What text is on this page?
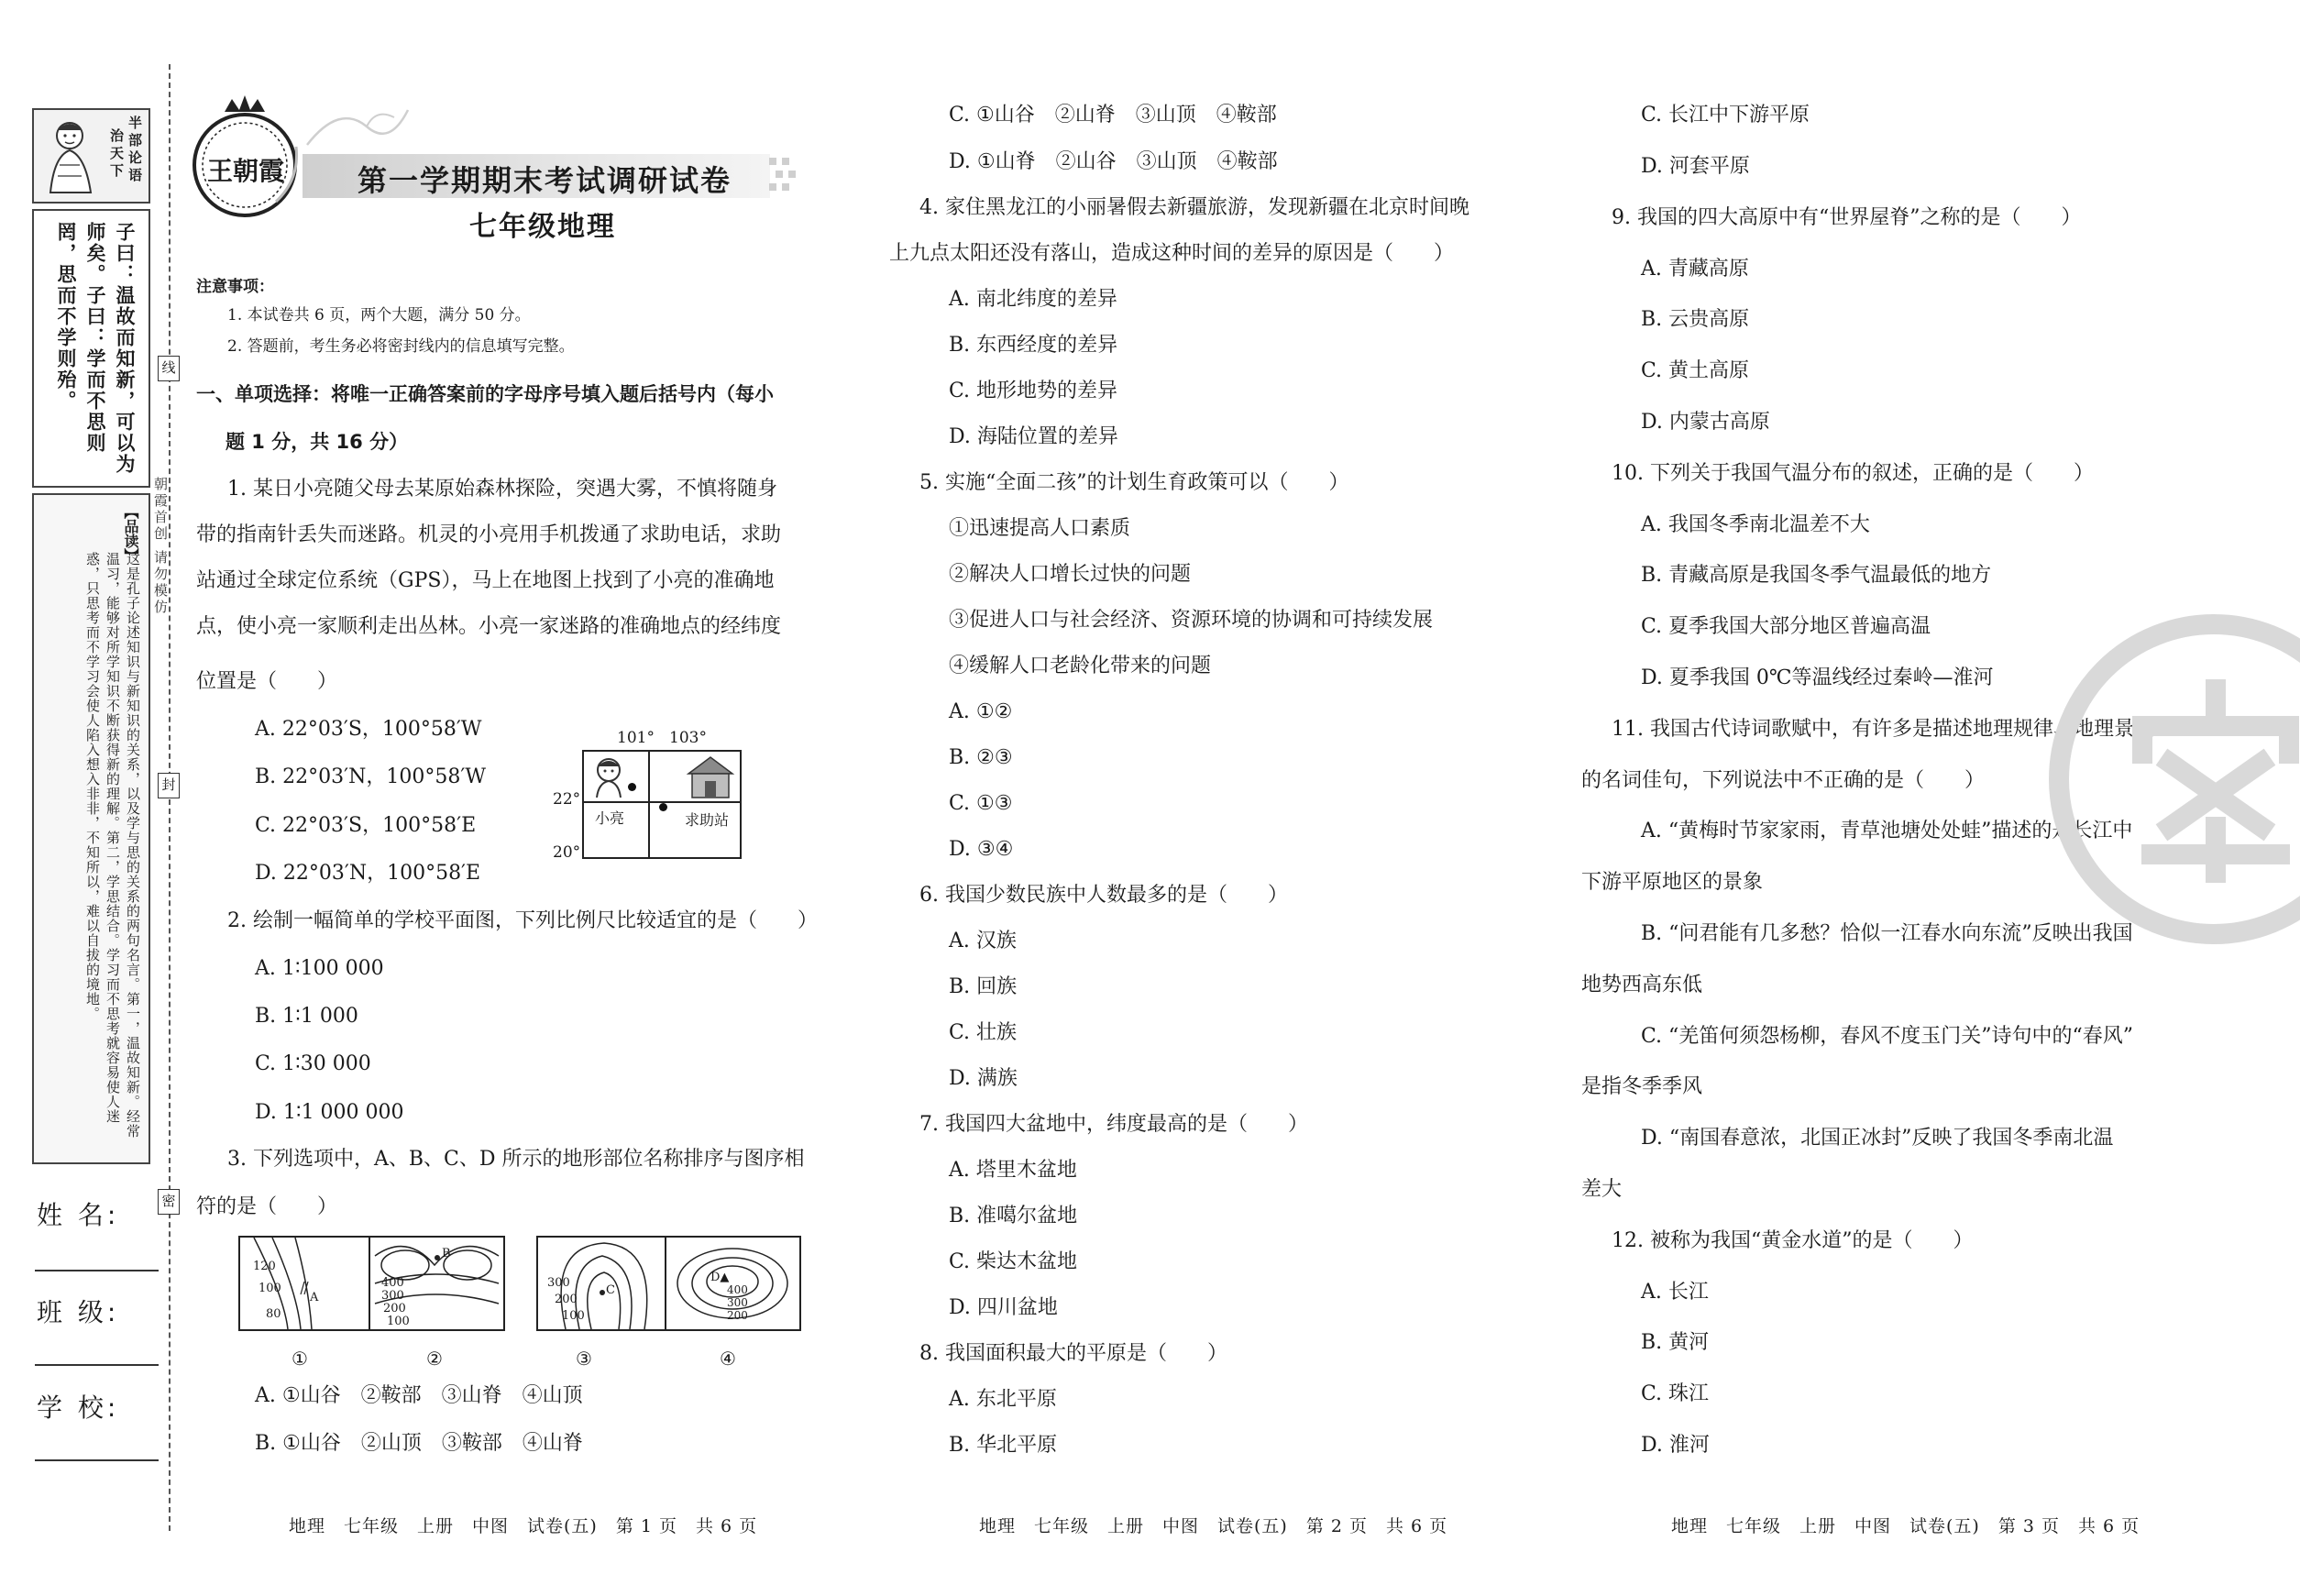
半部论语
治天下
子曰：温故而知新，可以为师矣。子曰：学而不思则罔，思而不学则殆。
【品读】
这是孔子论述知识与新知识的关系，以及学与思的关系的两句名言。第一，温故知新。经常温习，能够对所学知识不断获得新的理解。第二，学思结合。学习而不思考就容易使人迷惑，只思考而不学习会使人陷入想入非非，不知所以，难以自拔的境地。
朝霞首创 请勿模仿
姓 名:
班 级:
学 校:
线
封
密
王朝霞 第一学期期末考试调研试卷
七年级地理
注意事项：
1. 本试卷共 6 页，两个大题，满分 50 分。
2. 答题前，考生务必将密封线内的信息填写完整。
一、单项选择：将唯一正确答案前的字母序号填入题后括号内（每小
题 1 分，共 16 分）
1. 某日小亮随父母去某原始森林探险，突遇大雾，不慎将随身
带的指南针丢失而迷路。机灵的小亮用手机拨通了求助电话，求助
站通过全球定位系统（GPS），马上在地图上找到了小亮的准确地
点，使小亮一家顺利走出丛林。小亮一家迷路的准确地点的经纬度
位置是（　　）
A. 22°03′S，100°58′W
B. 22°03′N，100°58′W
C. 22°03′S，100°58′E
D. 22°03′N，100°58′E
小亮	求助站
101° 103°
22°
20°
2. 绘制一幅简单的学校平面图，下列比例尺比较适宜的是（　　）
A. 1∶100 000
B. 1∶1 000
C. 1∶30 000
D. 1∶1 000 000
3. 下列选项中，A、B、C、D 所示的地形部位名称排序与图序相
符的是（　　）
120
100
80
A
B
400
300
200
100
C
300
200
100
D▲
400
300
200
①	②	③	④
A. ①山谷　②鞍部　③山脊　④山顶
B. ①山谷　②山顶　③鞍部　④山脊
C. ①山谷　②山脊　③山顶　④鞍部
D. ①山脊　②山谷　③山顶　④鞍部
4. 家住黑龙江的小丽暑假去新疆旅游，发现新疆在北京时间晚
上九点太阳还没有落山，造成这种时间的差异的原因是（　　）
A. 南北纬度的差异
B. 东西经度的差异
C. 地形地势的差异
D. 海陆位置的差异
5. 实施“全面二孩”的计划生育政策可以（　　）
①迅速提高人口素质
②解决人口增长过快的问题
③促进人口与社会经济、资源环境的协调和可持续发展
④缓解人口老龄化带来的问题
A. ①②
B. ②③
C. ①③
D. ③④
6. 我国少数民族中人数最多的是（　　）
A. 汉族
B. 回族
C. 壮族
D. 满族
7. 我国四大盆地中，纬度最高的是（　　）
A. 塔里木盆地
B. 准噶尔盆地
C. 柴达木盆地
D. 四川盆地
8. 我国面积最大的平原是（　　）
A. 东北平原
B. 华北平原
C. 长江中下游平原
D. 河套平原
9. 我国的四大高原中有“世界屋脊”之称的是（　　）
A. 青藏高原
B. 云贵高原
C. 黄土高原
D. 内蒙古高原
10. 下列关于我国气温分布的叙述，正确的是（　　）
A. 我国冬季南北温差不大
B. 青藏高原是我国冬季气温最低的地方
C. 夏季我国大部分地区普遍高温
D. 夏季我国 0℃等温线经过秦岭—淮河
11. 我国古代诗词歌赋中，有许多是描述地理规律、地理景观
的名词佳句，下列说法中不正确的是（　　）
A. “黄梅时节家家雨，青草池塘处处蛙”描述的是长江中
下游平原地区的景象
B. “问君能有几多愁？恰似一江春水向东流”反映出我国
地势西高东低
C. “羌笛何须怨杨柳，春风不度玉门关”诗句中的“春风”
是指冬季季风
D. “南国春意浓，北国正冰封”反映了我国冬季南北温
差大
12. 被称为我国“黄金水道”的是（　　）
A. 长江
B. 黄河
C. 珠江
D. 淮河
地理　七年级　上册　中图　试卷(五)　第 1 页　共 6 页	地理　七年级　上册　中图　试卷(五)　第 2 页　共 6 页	地理　七年级　上册　中图　试卷(五)　第 3 页　共 6 页
